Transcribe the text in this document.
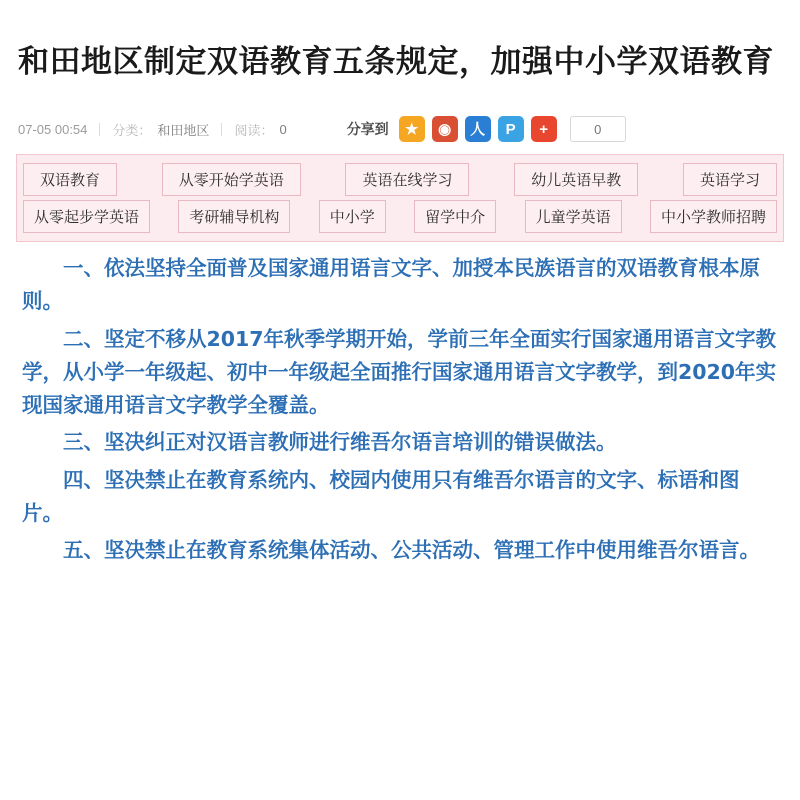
和田地区制定双语教育五条规定，加强中小学双语教育
07-05 00:54 分类： 和田地区 阅读： 0	分享到	★	◉	人	P	+	0
双语教育	从零开始学英语	英语在线学习	幼儿英语早教	英语学习
从零起步学英语	考研辅导机构	中小学	留学中介	儿童学英语	中小学教师招聘

一、依法坚持全面普及国家通用语言文字、加授本民族语言的双语教育根本原则。

二、坚定不移从2017年秋季学期开始，学前三年全面实行国家通用语言文字教学，从小学一年级起、初中一年级起全面推行国家通用语言文字教学，到2020年实现国家通用语言文字教学全覆盖。

三、坚决纠正对汉语言教师进行维吾尔语言培训的错误做法。

四、坚决禁止在教育系统内、校园内使用只有维吾尔语言的文字、标语和图片。

五、坚决禁止在教育系统集体活动、公共活动、管理工作中使用维吾尔语言。
